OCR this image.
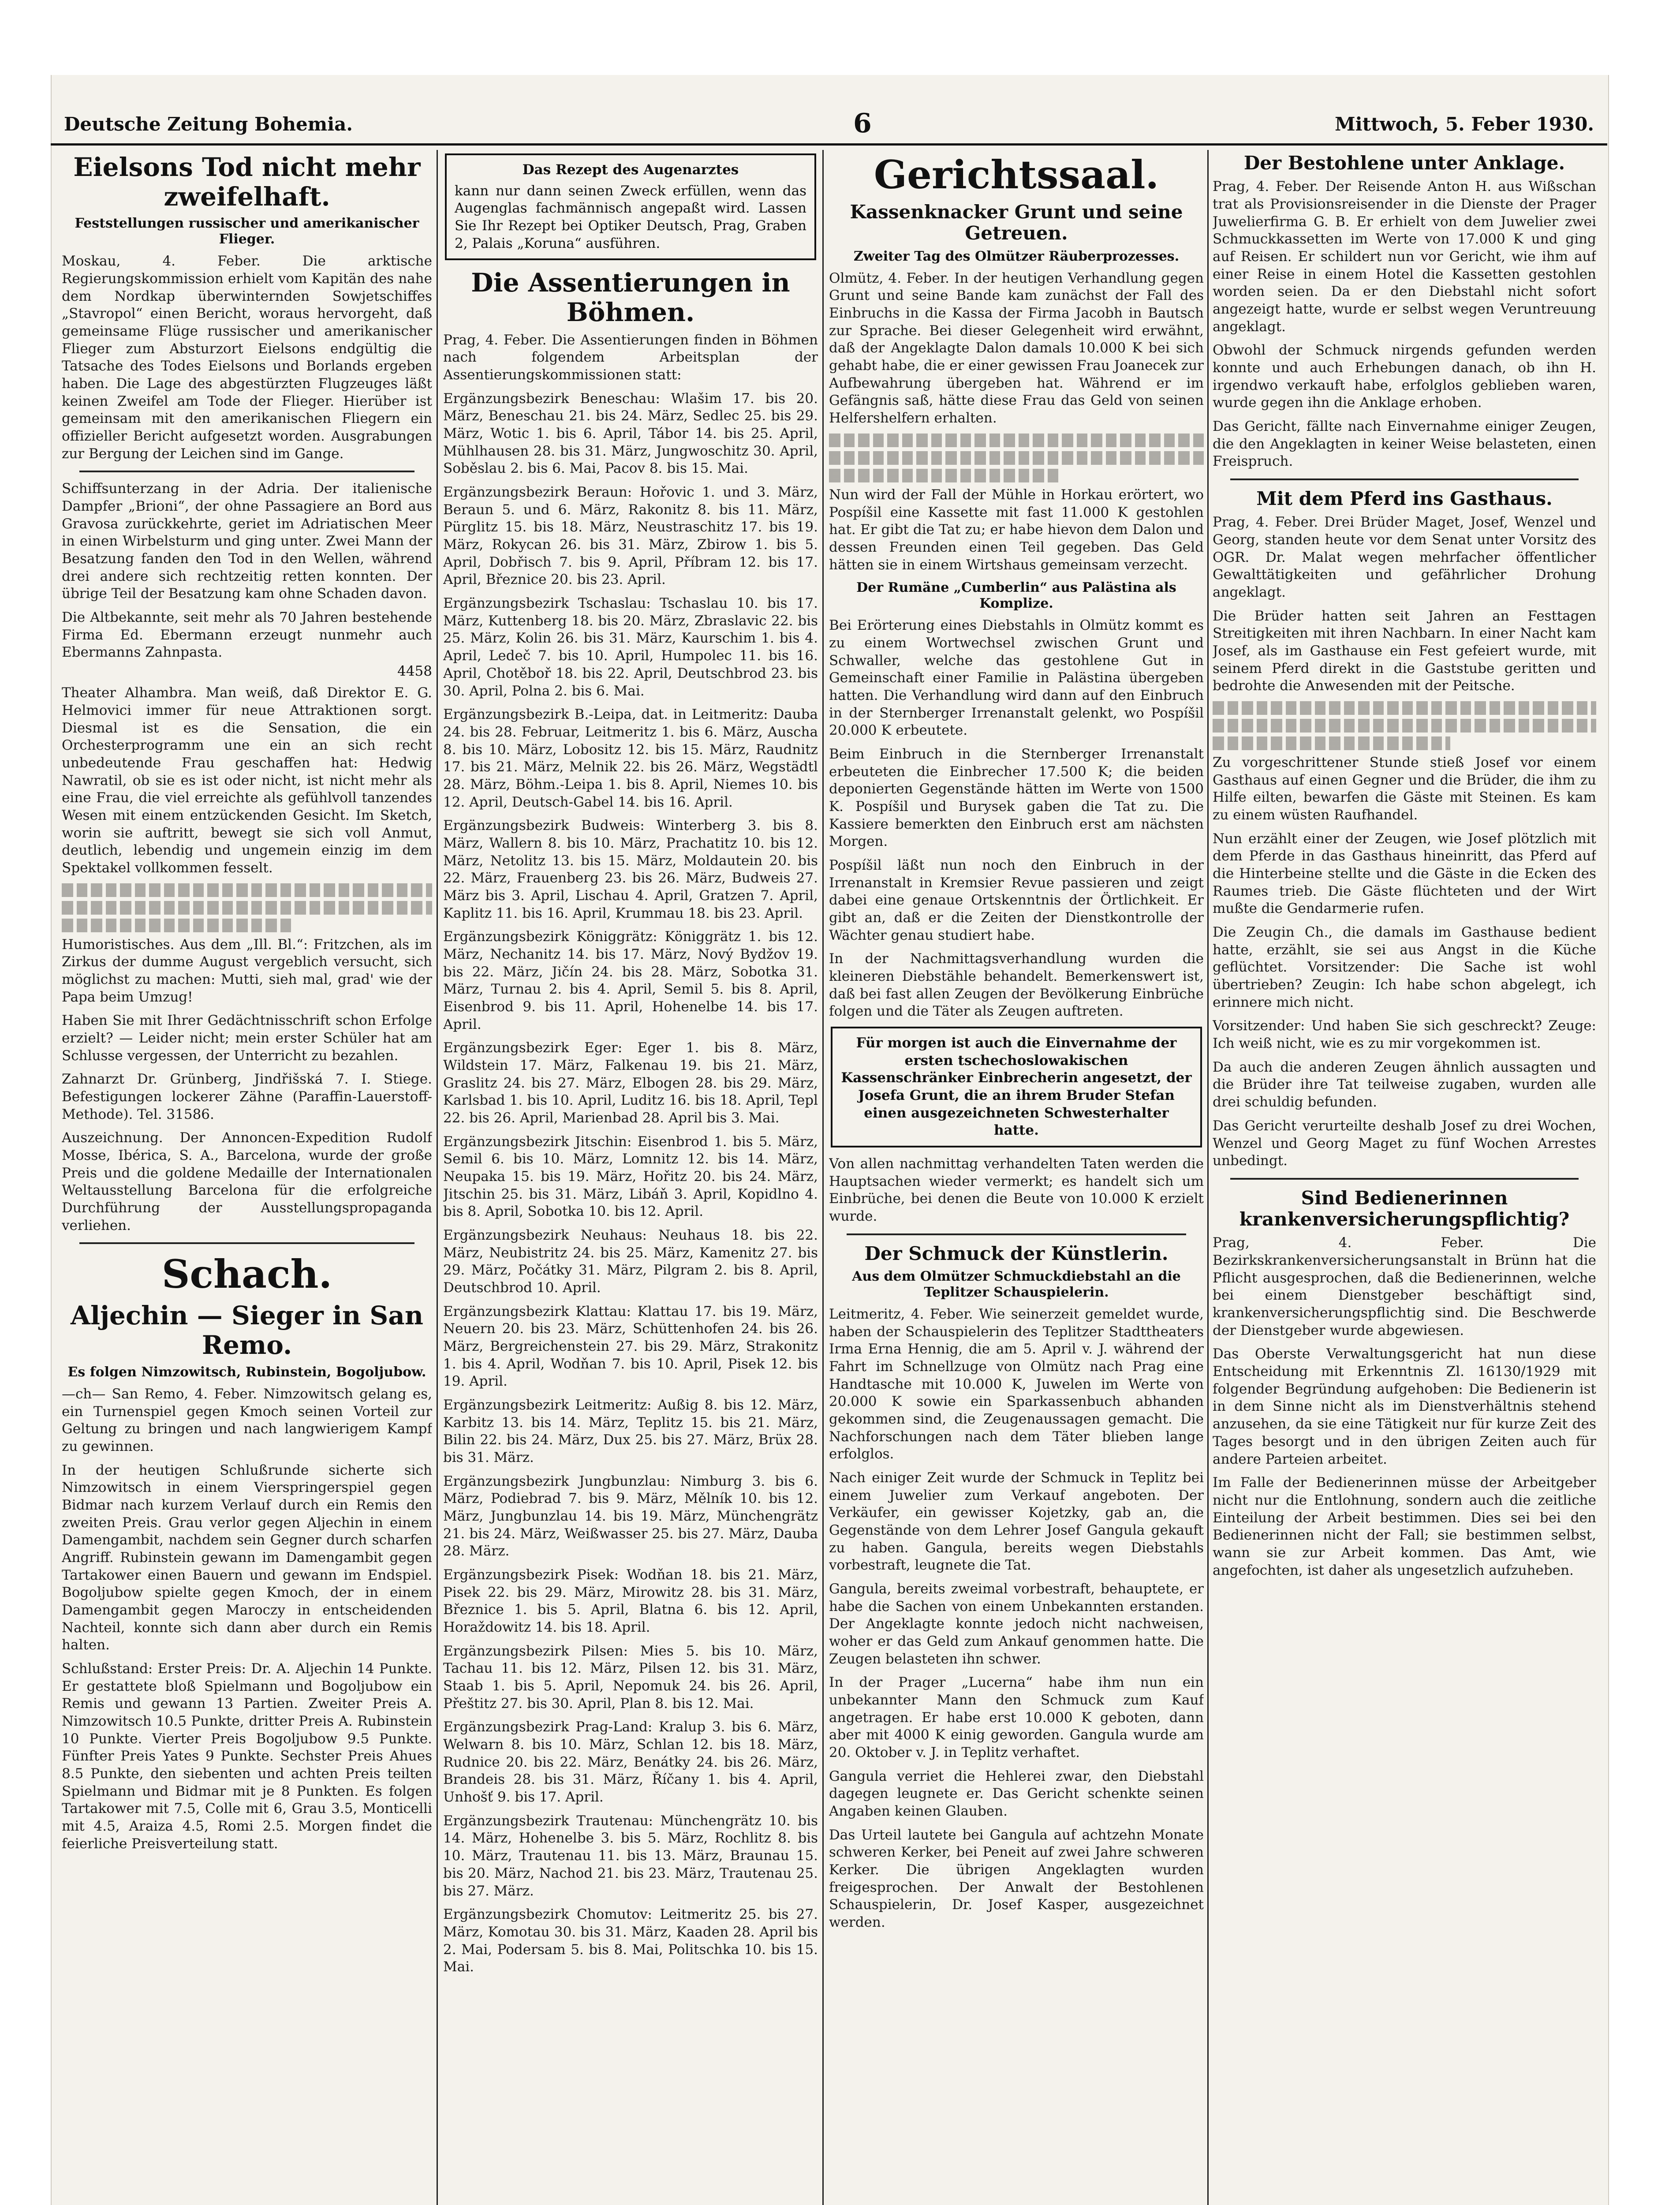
Deutsche Zeitung Bohemia.	6	Mittwoch, 5. Feber 1930.
Eielsons Tod nicht mehr zweifelhaft.
Feststellungen russischer und amerikanischer Flieger.

Moskau, 4. Feber. Die arktische Regierungskommission erhielt vom Kapitän des nahe dem Nordkap überwinternden Sowjetschiffes „Stavropol“ einen Bericht, woraus hervorgeht, daß gemeinsame Flüge russischer und amerikanischer Flieger zum Absturzort Eielsons endgültig die Tatsache des Todes Eielsons und Borlands ergeben haben. Die Lage des abgestürzten Flugzeuges läßt keinen Zweifel am Tode der Flieger. Hierüber ist gemeinsam mit den amerikanischen Fliegern ein offizieller Bericht aufgesetzt worden. Ausgrabungen zur Bergung der Leichen sind im Gange.

Schiffsunterzang in der Adria. Der italienische Dampfer „Brioni“, der ohne Passagiere an Bord aus Gravosa zurückkehrte, geriet im Adriatischen Meer in einen Wirbelsturm und ging unter. Zwei Mann der Besatzung fanden den Tod in den Wellen, während drei andere sich rechtzeitig retten konnten. Der übrige Teil der Besatzung kam ohne Schaden davon.

Die Altbekannte, seit mehr als 70 Jahren bestehende Firma Ed. Ebermann erzeugt nunmehr auch Ebermanns Zahnpasta.

4458

Theater Alhambra. Man weiß, daß Direktor E. G. Helmovici immer für neue Attraktionen sorgt. Diesmal ist es die Sensation, die ein Orchesterprogramm une ein an sich recht unbedeutende Frau geschaffen hat: Hedwig Nawratil, ob sie es ist oder nicht, ist nicht mehr als eine Frau, die viel erreichte als gefühlvoll tanzendes Wesen mit einem entzückenden Gesicht. Im Sketch, worin sie auftritt, bewegt sie sich voll Anmut, deutlich, lebendig und ungemein einzig im dem Spektakel vollkommen fesselt.

Humoristisches. Aus dem „Ill. Bl.“: Fritzchen, als im Zirkus der dumme August vergeblich versucht, sich möglichst zu machen: Mutti, sieh mal, grad' wie der Papa beim Umzug!

Haben Sie mit Ihrer Gedächtnisschrift schon Erfolge erzielt? — Leider nicht; mein erster Schüler hat am Schlusse vergessen, der Unterricht zu bezahlen.

Zahnarzt Dr. Grünberg, Jindřišská 7. I. Stiege. Befestigungen lockerer Zähne (Paraffin-Lauerstoff-Methode). Tel. 31586.

Auszeichnung. Der Annoncen-Expedition Rudolf Mosse, Ibérica, S. A., Barcelona, wurde der große Preis und die goldene Medaille der Internationalen Weltausstellung Barcelona für die erfolgreiche Durchführung der Ausstellungspropaganda verliehen.

Schach.
Aljechin — Sieger in San Remo.
Es folgen Nimzowitsch, Rubinstein, Bogoljubow.

—ch— San Remo, 4. Feber. Nimzowitsch gelang es, ein Turnenspiel gegen Kmoch seinen Vorteil zur Geltung zu bringen und nach langwierigem Kampf zu gewinnen.

In der heutigen Schlußrunde sicherte sich Nimzowitsch in einem Vierspringerspiel gegen Bidmar nach kurzem Verlauf durch ein Remis den zweiten Preis. Grau verlor gegen Aljechin in einem Damengambit, nachdem sein Gegner durch scharfen Angriff. Rubinstein gewann im Damengambit gegen Tartakower einen Bauern und gewann im Endspiel. Bogoljubow spielte gegen Kmoch, der in einem Damengambit gegen Maroczy in entscheidenden Nachteil, konnte sich dann aber durch ein Remis halten.

Schlußstand: Erster Preis: Dr. A. Aljechin 14 Punkte. Er gestattete bloß Spielmann und Bogoljubow ein Remis und gewann 13 Partien. Zweiter Preis A. Nimzowitsch 10.5 Punkte, dritter Preis A. Rubinstein 10 Punkte. Vierter Preis Bogoljubow 9.5 Punkte. Fünfter Preis Yates 9 Punkte. Sechster Preis Ahues 8.5 Punkte, den siebenten und achten Preis teilten Spielmann und Bidmar mit je 8 Punkten. Es folgen Tartakower mit 7.5, Colle mit 6, Grau 3.5, Monticelli mit 4.5, Araiza 4.5, Romi 2.5. Morgen findet die feierliche Preisverteilung statt.

Das Rezept des Augenarztes
kann nur dann seinen Zweck erfüllen, wenn das Augenglas fachmännisch angepaßt wird. Lassen Sie Ihr Rezept bei Optiker Deutsch, Prag, Graben 2, Palais „Koruna“ ausführen.
Die Assentierungen in Böhmen.

Prag, 4. Feber. Die Assentierungen finden in Böhmen nach folgendem Arbeitsplan der Assentierungskommissionen statt:

Ergänzungsbezirk Beneschau: Wlašim 17. bis 20. März, Beneschau 21. bis 24. März, Sedlec 25. bis 29. März, Wotic 1. bis 6. April, Tábor 14. bis 25. April, Mühlhausen 28. bis 31. März, Jungwoschitz 30. April, Soběslau 2. bis 6. Mai, Pacov 8. bis 15. Mai.

Ergänzungsbezirk Beraun: Hořovic 1. und 3. März, Beraun 5. und 6. März, Rakonitz 8. bis 11. März, Pürglitz 15. bis 18. März, Neustraschitz 17. bis 19. März, Rokycan 26. bis 31. März, Zbirow 1. bis 5. April, Dobřisch 7. bis 9. April, Příbram 12. bis 17. April, Březnice 20. bis 23. April.

Ergänzungsbezirk Tschaslau: Tschaslau 10. bis 17. März, Kuttenberg 18. bis 20. März, Zbraslavic 22. bis 25. März, Kolin 26. bis 31. März, Kaurschim 1. bis 4. April, Ledeč 7. bis 10. April, Humpolec 11. bis 16. April, Chotěboř 18. bis 22. April, Deutschbrod 23. bis 30. April, Polna 2. bis 6. Mai.

Ergänzungsbezirk B.-Leipa, dat. in Leitmeritz: Dauba 24. bis 28. Februar, Leitmeritz 1. bis 6. März, Auscha 8. bis 10. März, Lobositz 12. bis 15. März, Raudnitz 17. bis 21. März, Melnik 22. bis 26. März, Wegstädtl 28. März, Böhm.-Leipa 1. bis 8. April, Niemes 10. bis 12. April, Deutsch-Gabel 14. bis 16. April.

Ergänzungsbezirk Budweis: Winterberg 3. bis 8. März, Wallern 8. bis 10. März, Prachatitz 10. bis 12. März, Netolitz 13. bis 15. März, Moldautein 20. bis 22. März, Frauenberg 23. bis 26. März, Budweis 27. März bis 3. April, Lischau 4. April, Gratzen 7. April, Kaplitz 11. bis 16. April, Krummau 18. bis 23. April.

Ergänzungsbezirk Königgrätz: Königgrätz 1. bis 12. März, Nechanitz 14. bis 17. März, Nový Bydžov 19. bis 22. März, Jičín 24. bis 28. März, Sobotka 31. März, Turnau 2. bis 4. April, Semil 5. bis 8. April, Eisenbrod 9. bis 11. April, Hohenelbe 14. bis 17. April.

Ergänzungsbezirk Eger: Eger 1. bis 8. März, Wildstein 17. März, Falkenau 19. bis 21. März, Graslitz 24. bis 27. März, Elbogen 28. bis 29. März, Karlsbad 1. bis 10. April, Luditz 16. bis 18. April, Tepl 22. bis 26. April, Marienbad 28. April bis 3. Mai.

Ergänzungsbezirk Jitschin: Eisenbrod 1. bis 5. März, Semil 6. bis 10. März, Lomnitz 12. bis 14. März, Neupaka 15. bis 19. März, Hořitz 20. bis 24. März, Jitschin 25. bis 31. März, Libáň 3. April, Kopidlno 4. bis 8. April, Sobotka 10. bis 12. April.

Ergänzungsbezirk Neuhaus: Neuhaus 18. bis 22. März, Neubistritz 24. bis 25. März, Kamenitz 27. bis 29. März, Počátky 31. März, Pilgram 2. bis 8. April, Deutschbrod 10. April.

Ergänzungsbezirk Klattau: Klattau 17. bis 19. März, Neuern 20. bis 23. März, Schüttenhofen 24. bis 26. März, Bergreichenstein 27. bis 29. März, Strakonitz 1. bis 4. April, Wodňan 7. bis 10. April, Pisek 12. bis 19. April.

Ergänzungsbezirk Leitmeritz: Außig 8. bis 12. März, Karbitz 13. bis 14. März, Teplitz 15. bis 21. März, Bilin 22. bis 24. März, Dux 25. bis 27. März, Brüx 28. bis 31. März.

Ergänzungsbezirk Jungbunzlau: Nimburg 3. bis 6. März, Podiebrad 7. bis 9. März, Mělník 10. bis 12. März, Jungbunzlau 14. bis 19. März, Münchengrätz 21. bis 24. März, Weißwasser 25. bis 27. März, Dauba 28. März.

Ergänzungsbezirk Pisek: Wodňan 18. bis 21. März, Pisek 22. bis 29. März, Mirowitz 28. bis 31. März, Březnice 1. bis 5. April, Blatna 6. bis 12. April, Horaždowitz 14. bis 18. April.

Ergänzungsbezirk Pilsen: Mies 5. bis 10. März, Tachau 11. bis 12. März, Pilsen 12. bis 31. März, Staab 1. bis 5. April, Nepomuk 24. bis 26. April, Přeštitz 27. bis 30. April, Plan 8. bis 12. Mai.

Ergänzungsbezirk Prag-Land: Kralup 3. bis 6. März, Welwarn 8. bis 10. März, Schlan 12. bis 18. März, Rudnice 20. bis 22. März, Benátky 24. bis 26. März, Brandeis 28. bis 31. März, Říčany 1. bis 4. April, Unhošť 9. bis 17. April.

Ergänzungsbezirk Trautenau: Münchengrätz 10. bis 14. März, Hohenelbe 3. bis 5. März, Rochlitz 8. bis 10. März, Trautenau 11. bis 13. März, Braunau 15. bis 20. März, Nachod 21. bis 23. März, Trautenau 25. bis 27. März.

Ergänzungsbezirk Chomutov: Leitmeritz 25. bis 27. März, Komotau 30. bis 31. März, Kaaden 28. April bis 2. Mai, Podersam 5. bis 8. Mai, Politschka 10. bis 15. Mai.

Gerichtssaal.
Kassenknacker Grunt und seine Getreuen.
Zweiter Tag des Olmützer Räuberprozesses.

Olmütz, 4. Feber. In der heutigen Verhandlung gegen Grunt und seine Bande kam zunächst der Fall des Einbruchs in die Kassa der Firma Jacobh in Bautsch zur Sprache. Bei dieser Gelegenheit wird erwähnt, daß der Angeklagte Dalon damals 10.000 K bei sich gehabt habe, die er einer gewissen Frau Joanecek zur Aufbewahrung übergeben hat. Während er im Gefängnis saß, hätte diese Frau das Geld von seinen Helfershelfern erhalten.

Nun wird der Fall der Mühle in Horkau erörtert, wo Pospíšil eine Kassette mit fast 11.000 K gestohlen hat. Er gibt die Tat zu; er habe hievon dem Dalon und dessen Freunden einen Teil gegeben. Das Geld hätten sie in einem Wirtshaus gemeinsam verzecht.

Der Rumäne „Cumberlin“ aus Palästina als Komplize.

Bei Erörterung eines Diebstahls in Olmütz kommt es zu einem Wortwechsel zwischen Grunt und Schwaller, welche das gestohlene Gut in Gemeinschaft einer Familie in Palästina übergeben hatten. Die Verhandlung wird dann auf den Einbruch in der Sternberger Irrenanstalt gelenkt, wo Pospíšil 20.000 K erbeutete.

Beim Einbruch in die Sternberger Irrenanstalt erbeuteten die Einbrecher 17.500 K; die beiden deponierten Gegenstände hätten im Werte von 1500 K. Pospíšil und Burysek gaben die Tat zu. Die Kassiere bemerkten den Einbruch erst am nächsten Morgen.

Pospíšil läßt nun noch den Einbruch in der Irrenanstalt in Kremsier Revue passieren und zeigt dabei eine genaue Ortskenntnis der Örtlichkeit. Er gibt an, daß er die Zeiten der Dienstkontrolle der Wächter genau studiert habe.

In der Nachmittagsverhandlung wurden die kleineren Diebstähle behandelt. Bemerkenswert ist, daß bei fast allen Zeugen der Bevölkerung Einbrüche folgen und die Täter als Zeugen auftreten.

Für morgen ist auch die Einvernahme der ersten tschechoslowakischen Kassenschränker Einbrecherin angesetzt, der Josefa Grunt, die an ihrem Bruder Stefan einen ausgezeichneten Schwesterhalter hatte.

Von allen nachmittag verhandelten Taten werden die Hauptsachen wieder vermerkt; es handelt sich um Einbrüche, bei denen die Beute von 10.000 K erzielt wurde.

Der Schmuck der Künstlerin.
Aus dem Olmützer Schmuckdiebstahl an die Teplitzer Schauspielerin.

Leitmeritz, 4. Feber. Wie seinerzeit gemeldet wurde, haben der Schauspielerin des Teplitzer Stadttheaters Irma Erna Hennig, die am 5. April v. J. während der Fahrt im Schnellzuge von Olmütz nach Prag eine Handtasche mit 10.000 K, Juwelen im Werte von 20.000 K sowie ein Sparkassenbuch abhanden gekommen sind, die Zeugenaussagen gemacht. Die Nachforschungen nach dem Täter blieben lange erfolglos.

Nach einiger Zeit wurde der Schmuck in Teplitz bei einem Juwelier zum Verkauf angeboten. Der Verkäufer, ein gewisser Kojetzky, gab an, die Gegenstände von dem Lehrer Josef Gangula gekauft zu haben. Gangula, bereits wegen Diebstahls vorbestraft, leugnete die Tat.

Gangula, bereits zweimal vorbestraft, behauptete, er habe die Sachen von einem Unbekannten erstanden. Der Angeklagte konnte jedoch nicht nachweisen, woher er das Geld zum Ankauf genommen hatte. Die Zeugen belasteten ihn schwer.

In der Prager „Lucerna“ habe ihm nun ein unbekannter Mann den Schmuck zum Kauf angetragen. Er habe erst 10.000 K geboten, dann aber mit 4000 K einig geworden. Gangula wurde am 20. Oktober v. J. in Teplitz verhaftet.

Gangula verriet die Hehlerei zwar, den Diebstahl dagegen leugnete er. Das Gericht schenkte seinen Angaben keinen Glauben.

Das Urteil lautete bei Gangula auf achtzehn Monate schweren Kerker, bei Peneit auf zwei Jahre schweren Kerker. Die übrigen Angeklagten wurden freigesprochen. Der Anwalt der Bestohlenen Schauspielerin, Dr. Josef Kasper, ausgezeichnet werden.

Der Bestohlene unter Anklage.

Prag, 4. Feber. Der Reisende Anton H. aus Wißschan trat als Provisionsreisender in die Dienste der Prager Juwelierfirma G. B. Er erhielt von dem Juwelier zwei Schmuckkassetten im Werte von 17.000 K und ging auf Reisen. Er schildert nun vor Gericht, wie ihm auf einer Reise in einem Hotel die Kassetten gestohlen worden seien. Da er den Diebstahl nicht sofort angezeigt hatte, wurde er selbst wegen Veruntreuung angeklagt.

Obwohl der Schmuck nirgends gefunden werden konnte und auch Erhebungen danach, ob ihn H. irgendwo verkauft habe, erfolglos geblieben waren, wurde gegen ihn die Anklage erhoben.

Das Gericht, fällte nach Einvernahme einiger Zeugen, die den Angeklagten in keiner Weise belasteten, einen Freispruch.

Mit dem Pferd ins Gasthaus.

Prag, 4. Feber. Drei Brüder Maget, Josef, Wenzel und Georg, standen heute vor dem Senat unter Vorsitz des OGR. Dr. Malat wegen mehrfacher öffentlicher Gewalttätigkeiten und gefährlicher Drohung angeklagt.

Die Brüder hatten seit Jahren an Festtagen Streitigkeiten mit ihren Nachbarn. In einer Nacht kam Josef, als im Gasthause ein Fest gefeiert wurde, mit seinem Pferd direkt in die Gaststube geritten und bedrohte die Anwesenden mit der Peitsche.

Zu vorgeschrittener Stunde stieß Josef vor einem Gasthaus auf einen Gegner und die Brüder, die ihm zu Hilfe eilten, bewarfen die Gäste mit Steinen. Es kam zu einem wüsten Raufhandel.

Nun erzählt einer der Zeugen, wie Josef plötzlich mit dem Pferde in das Gasthaus hineinritt, das Pferd auf die Hinterbeine stellte und die Gäste in die Ecken des Raumes trieb. Die Gäste flüchteten und der Wirt mußte die Gendarmerie rufen.

Die Zeugin Ch., die damals im Gasthause bedient hatte, erzählt, sie sei aus Angst in die Küche geflüchtet. Vorsitzender: Die Sache ist wohl übertrieben? Zeugin: Ich habe schon abgelegt, ich erinnere mich nicht.

Vorsitzender: Und haben Sie sich geschreckt? Zeuge: Ich weiß nicht, wie es zu mir vorgekommen ist.

Da auch die anderen Zeugen ähnlich aussagten und die Brüder ihre Tat teilweise zugaben, wurden alle drei schuldig befunden.

Das Gericht verurteilte deshalb Josef zu drei Wochen, Wenzel und Georg Maget zu fünf Wochen Arrestes unbedingt.

Sind Bedienerinnen krankenversicherungspflichtig?

Prag, 4. Feber. Die Bezirkskrankenversicherungsanstalt in Brünn hat die Pflicht ausgesprochen, daß die Bedienerinnen, welche bei einem Dienstgeber beschäftigt sind, krankenversicherungspflichtig sind. Die Beschwerde der Dienstgeber wurde abgewiesen.

Das Oberste Verwaltungsgericht hat nun diese Entscheidung mit Erkenntnis Zl. 16130/1929 mit folgender Begründung aufgehoben: Die Bedienerin ist in dem Sinne nicht als im Dienstverhältnis stehend anzusehen, da sie eine Tätigkeit nur für kurze Zeit des Tages besorgt und in den übrigen Zeiten auch für andere Parteien arbeitet.

Im Falle der Bedienerinnen müsse der Arbeitgeber nicht nur die Entlohnung, sondern auch die zeitliche Einteilung der Arbeit bestimmen. Dies sei bei den Bedienerinnen nicht der Fall; sie bestimmen selbst, wann sie zur Arbeit kommen. Das Amt, wie angefochten, ist daher als ungesetzlich aufzuheben.
